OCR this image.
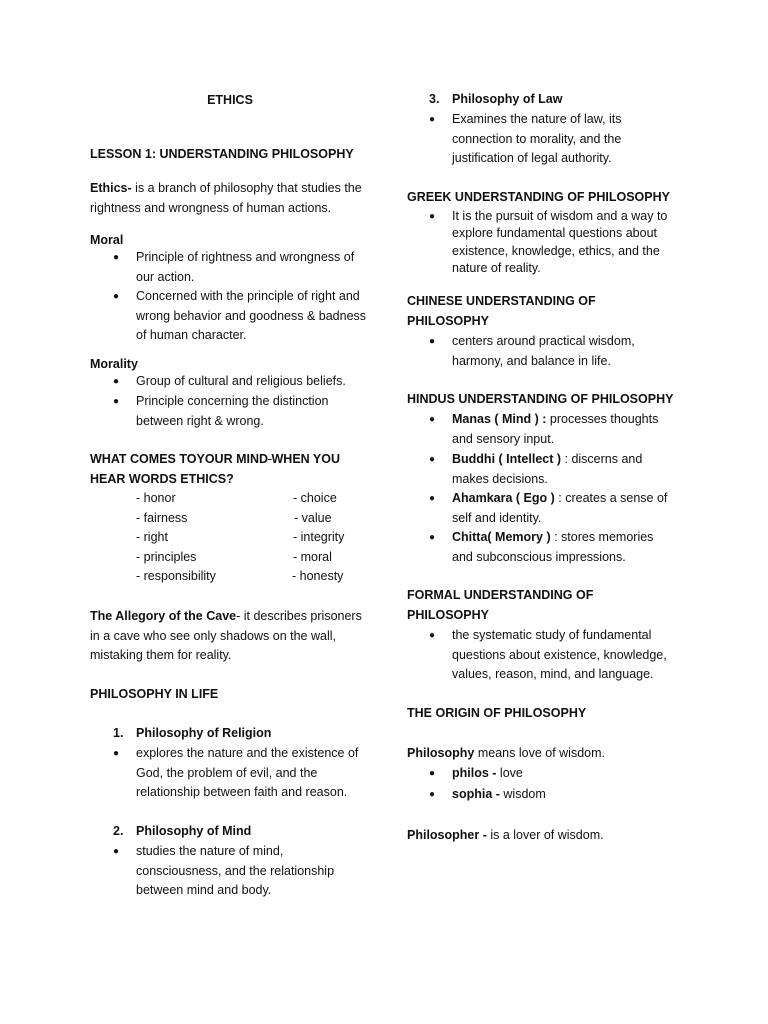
ETHICS
LESSON 1: UNDERSTANDING PHILOSOPHY
Ethics- is a branch of philosophy that studies the rightness and wrongness of human actions.
Moral
● Principle of rightness and wrongness of our action.
● Concerned with the principle of right and wrong behavior and goodness & badness of human character.
Morality
● Group of cultural and religious beliefs.
● Principle concerning the distinction between right & wrong.
WHAT COMES TOYOUR MIND WHEN YOU HEAR WORDS ETHICS?
- honor	- choice
- fairness	- value
- right	- integrity
- principles	- moral
- responsibility	- honesty
The Allegory of the Cave- it describes prisoners in a cave who see only shadows on the wall, mistaking them for reality.
PHILOSOPHY IN LIFE
1. Philosophy of Religion
● explores the nature and the existence of God, the problem of evil, and the relationship between faith and reason.
2. Philosophy of Mind
● studies the nature of mind, consciousness, and the relationship between mind and body.
3. Philosophy of Law
● Examines the nature of law, its connection to morality, and the justification of legal authority.
GREEK UNDERSTANDING OF PHILOSOPHY
● It is the pursuit of wisdom and a way to explore fundamental questions about existence, knowledge, ethics, and the nature of reality.
CHINESE UNDERSTANDING OF PHILOSOPHY
● centers around practical wisdom, harmony, and balance in life.
HINDUS UNDERSTANDING OF PHILOSOPHY
● Manas ( Mind ) : processes thoughts and sensory input.
● Buddhi ( Intellect ) : discerns and makes decisions.
● Ahamkara ( Ego ) : creates a sense of self and identity.
● Chitta( Memory ) : stores memories and subconscious impressions.
FORMAL UNDERSTANDING OF PHILOSOPHY
● the systematic study of fundamental questions about existence, knowledge, values, reason, mind, and language.
THE ORIGIN OF PHILOSOPHY
Philosophy means love of wisdom.
● philos - love
● sophia - wisdom
Philosopher - is a lover of wisdom.
